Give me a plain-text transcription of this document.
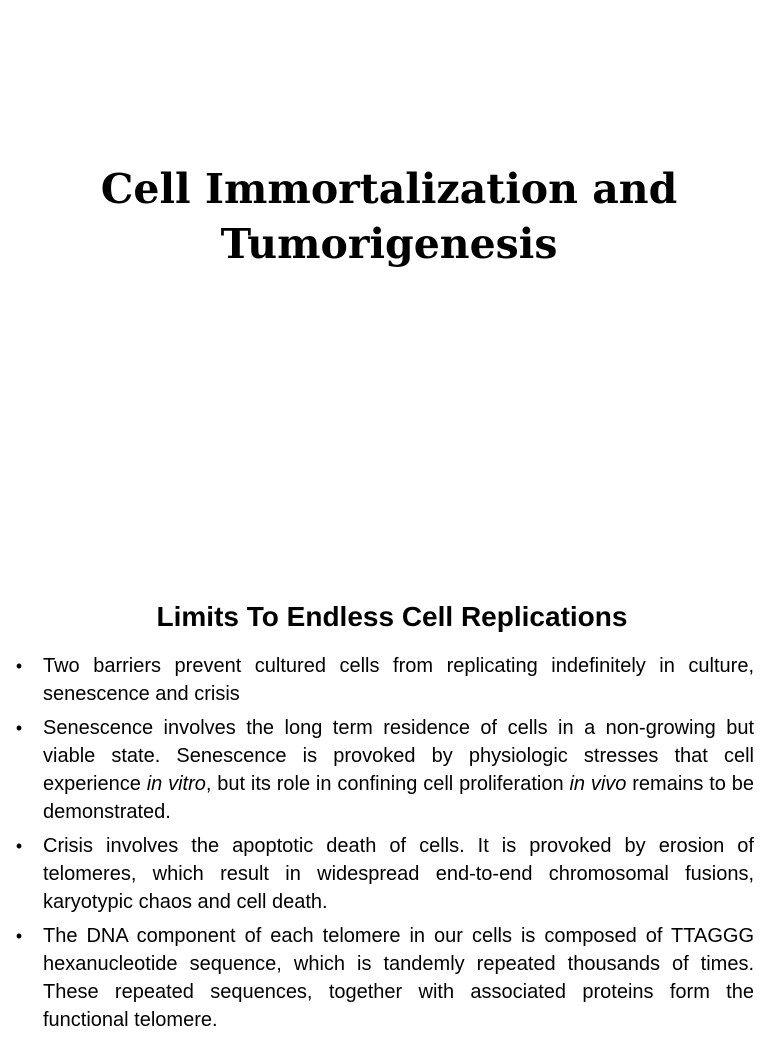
Cell Immortalization and
Tumorigenesis
Limits To Endless Cell Replications
• Two barriers prevent cultured cells from replicating indefinitely in culture, senescence and crisis
• Senescence involves the long term residence of cells in a non-growing but viable state. Senescence is provoked by physiologic stresses that cell experience in vitro, but its role in confining cell proliferation in vivo remains to be demonstrated.
• Crisis involves the apoptotic death of cells. It is provoked by erosion of telomeres, which result in widespread end-to-end chromosomal fusions, karyotypic chaos and cell death.
• The DNA component of each telomere in our cells is composed of TTAGGG hexanucleotide sequence, which is tandemly repeated thousands of times. These repeated sequences, together with associated proteins form the functional telomere.
